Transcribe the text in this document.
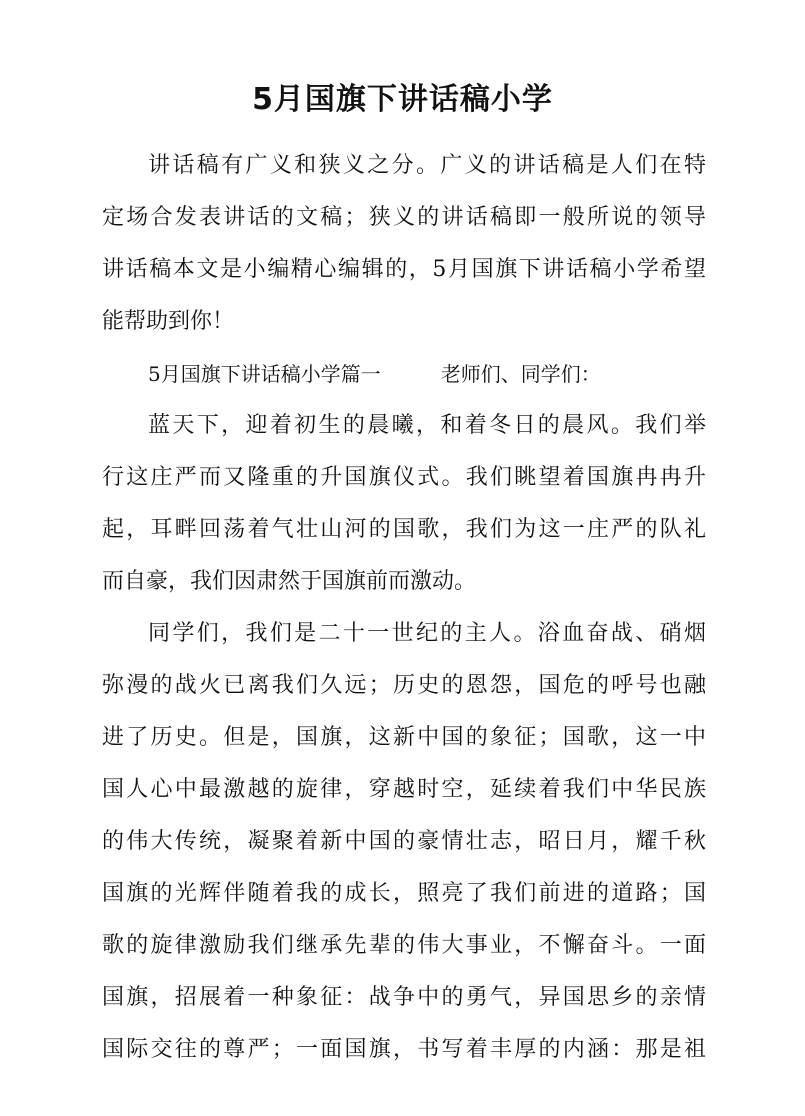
5月国旗下讲话稿小学
讲话稿有广义和狭义之分。广义的讲话稿是人们在特
定场合发表讲话的文稿；狭义的讲话稿即一般所说的领导
讲话稿本文是小编精心编辑的，5月国旗下讲话稿小学希望
能帮助到你！
5月国旗下讲话稿小学篇一	老师们、同学们：
蓝天下，迎着初生的晨曦，和着冬日的晨风。我们举
行这庄严而又隆重的升国旗仪式。我们眺望着国旗冉冉升
起，耳畔回荡着气壮山河的国歌，我们为这一庄严的队礼
而自豪，我们因肃然于国旗前而激动。
同学们，我们是二十一世纪的主人。浴血奋战、硝烟
弥漫的战火已离我们久远；历史的恩怨，国危的呼号也融
进了历史。但是，国旗，这新中国的象征；国歌，这一中
国人心中最激越的旋律，穿越时空，延续着我们中华民族
的伟大传统，凝聚着新中国的豪情壮志，昭日月，耀千秋
国旗的光辉伴随着我的成长，照亮了我们前进的道路；国
歌的旋律激励我们继承先辈的伟大事业，不懈奋斗。一面
国旗，招展着一种象征：战争中的勇气，异国思乡的亲情
国际交往的尊严；一面国旗，书写着丰厚的内涵：那是祖
